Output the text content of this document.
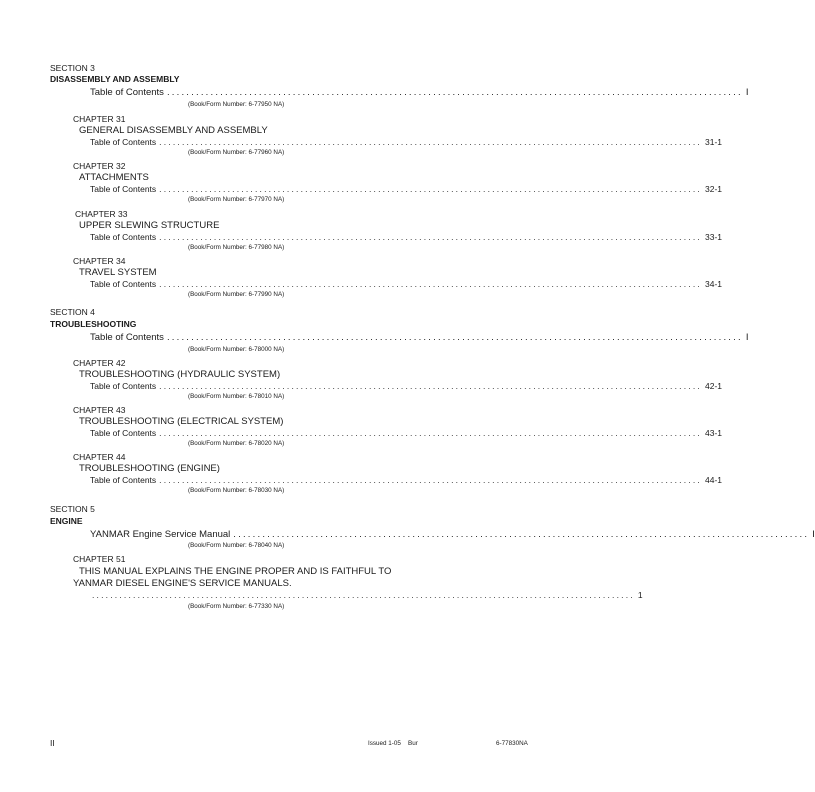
SECTION 3
DISASSEMBLY AND ASSEMBLY
Table of Contents ....................................................................................................................... I
(Book/Form Number: 6-77950 NA)
CHAPTER 31
GENERAL DISASSEMBLY AND ASSEMBLY
Table of Contents ....................................................................................................................... 31-1
(Book/Form Number: 6-77960 NA)
CHAPTER 32
ATTACHMENTS
Table of Contents ....................................................................................................................... 32-1
(Book/Form Number: 6-77970 NA)
CHAPTER 33
UPPER SLEWING STRUCTURE
Table of Contents ....................................................................................................................... 33-1
(Book/Form Number: 6-77980 NA)
CHAPTER 34
TRAVEL SYSTEM
Table of Contents ....................................................................................................................... 34-1
(Book/Form Number: 6-77990 NA)
SECTION 4
TROUBLESHOOTING
Table of Contents ....................................................................................................................... I
(Book/Form Number: 6-78000 NA)
CHAPTER 42
TROUBLESHOOTING (HYDRAULIC SYSTEM)
Table of Contents ....................................................................................................................... 42-1
(Book/Form Number: 6-78010 NA)
CHAPTER 43
TROUBLESHOOTING (ELECTRICAL SYSTEM)
Table of Contents ....................................................................................................................... 43-1
(Book/Form Number: 6-78020 NA)
CHAPTER 44
TROUBLESHOOTING (ENGINE)
Table of Contents ....................................................................................................................... 44-1
(Book/Form Number: 6-78030 NA)
SECTION 5
ENGINE
YANMAR Engine Service Manual ....................................................................................................................... I
(Book/Form Number: 6-78040 NA)
CHAPTER 51
THIS MANUAL EXPLAINS THE ENGINE PROPER AND IS FAITHFUL TO
YANMAR DIESEL ENGINE'S SERVICE MANUALS.
....................................................................................................................... 1
(Book/Form Number: 6-77330 NA)
II	Issued 1-05 Bur	6-77830NA
